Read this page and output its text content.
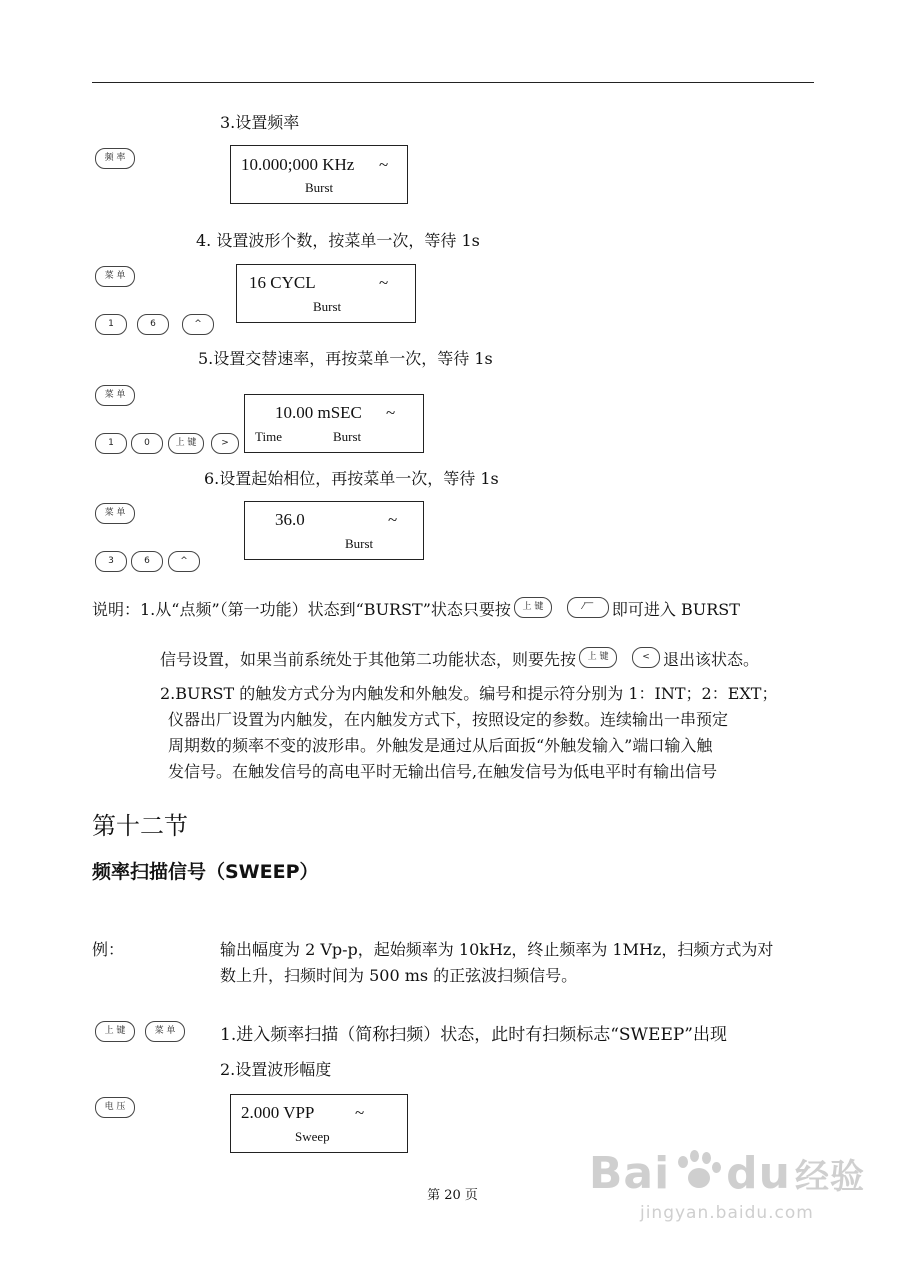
3.设置频率
频 率	10.000;000 KHz ~
Burst
4. 设置波形个数，按菜单一次，等待 1s
菜 单	16 CYCL	~
Burst
1	6	^
5.设置交替速率，再按菜单一次，等待 1s
菜 单
10.00 mSEC ~
Time	Burst
1	0	上 键	>
6.设置起始相位，再按菜单一次，等待 1s
菜 单	36.0	~
Burst
3	6	^
说明：1.从“点频”（第一功能）状态到“BURST”状态只要按 上 键	⁄‾‾ 即可进入 BURST
信号设置，如果当前系统处于其他第二功能状态，则要先按 上 键	< 退出该状态。
2.BURST 的触发方式分为内触发和外触发。编号和提示符分别为 1：INT；2：EXT；
仪器出厂设置为内触发，在内触发方式下，按照设定的参数。连续输出一串预定
周期数的频率不变的波形串。外触发是通过从后面扳“外触发输入”端口输入触
发信号。在触发信号的高电平时无输出信号,在触发信号为低电平时有输出信号
第十二节
频率扫描信号（SWEEP）
例：	输出幅度为 2 Vp-p，起始频率为 10kHz，终止频率为 1MHz，扫频方式为对
数上升，扫频时间为 500 ms 的正弦波扫频信号。
上 键	菜 单	1.进入频率扫描（简称扫频）状态，此时有扫频标志“SWEEP”出现
2.设置波形幅度
电 压	2.000 VPP ~
Sweep
第 20 页	Bai du 经验
jingyan.baidu.com
